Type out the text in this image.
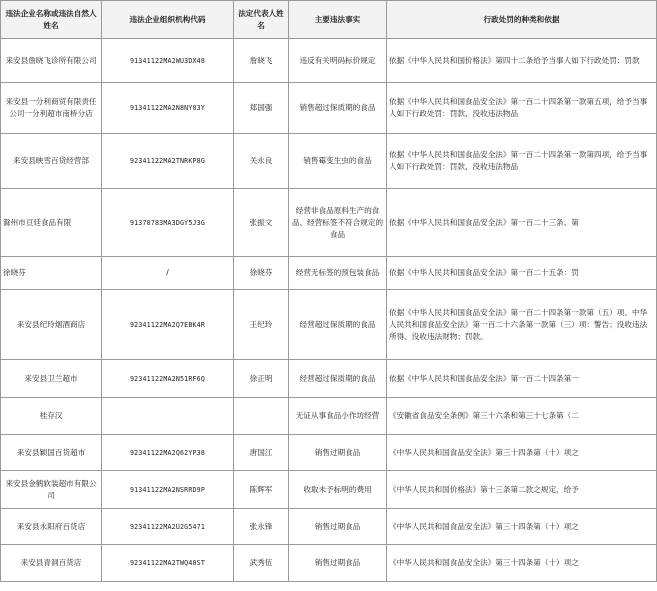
违法企业名称或违法自然人姓名	违法企业组织机构代码	法定代表人姓名	主要违法事实	行政处罚的种类和依据
来安县詹晓飞诊所有限公司	91341122MA2WU3DX48	詹晓飞	违反有关明码标价规定	依据《中华人民共和国价格法》第四十二条给予当事人如下行政处罚：罚款
来安县一分利商贸有限责任公司一分利超市南桥分店	91341122MA2N8NY03Y	郑国强	销售超过保质期的食品	依据《中华人民共和国食品安全法》第一百二十四条第一款第五项，给予当事人如下行政处罚：罚款、没收违法物品
来安县映雪百货经营部	92341122MA2TNRKP8G	关永良	销售霉变生虫的食品	依据《中华人民共和国食品安全法》第一百二十四条第一款第四项，给予当事人如下行政处罚：罚款、没收违法物品
滁州市亘廷食品有限	91370783MA3DGY5J3G	张振文	经营非食品原料生产的食品、经营标签不符合规定的食品	依据《中华人民共和国食品安全法》第一百二十三条、第
徐晓芬	/	徐晓芬	经营无标签的预包装食品	依据《中华人民共和国食品安全法》第一百二十五条：罚
来安县纪玲烟酒商店	92341122MA2Q7EBK4R	王纪玲	经营超过保质期的食品	依据《中华人民共和国食品安全法》第一百二十四条第一款第（五）项、中华人民共和国食品安全法》第一百二十六条第一款第（三）项：警告；没收违法所得、没收违法财物；罚款。
来安县卫兰超市	92341122MA2N51RF6Q	徐正明	经营超过保质期的食品	依据《中华人民共和国食品安全法》第一百二十四条第一
桂存汉			无证从事食品小作坊经营	《安徽省食品安全条例》第三十六条和第三十七条第（二
来安县颖国百货超市	92341122MA2Q62YP38	唐国江	销售过期食品	《中华人民共和国食品安全法》第三十四条第（十）项之
来安县金鹤软装超市有限公司	91341122MA2NSRRD9P	陈辉军	收取未予标明的费用	《中华人民共和国价格法》第十三条第二款之规定，给予
来安县永阳府百货店	92341122MA2U2G5471	张永锋	销售过期食品	《中华人民共和国食品安全法》第三十四条第（十）项之
来安县青洞百货店	92341122MA2TWQ40ST	武秀伍	销售过期食品	《中华人民共和国食品安全法》第三十四条第（十）项之
